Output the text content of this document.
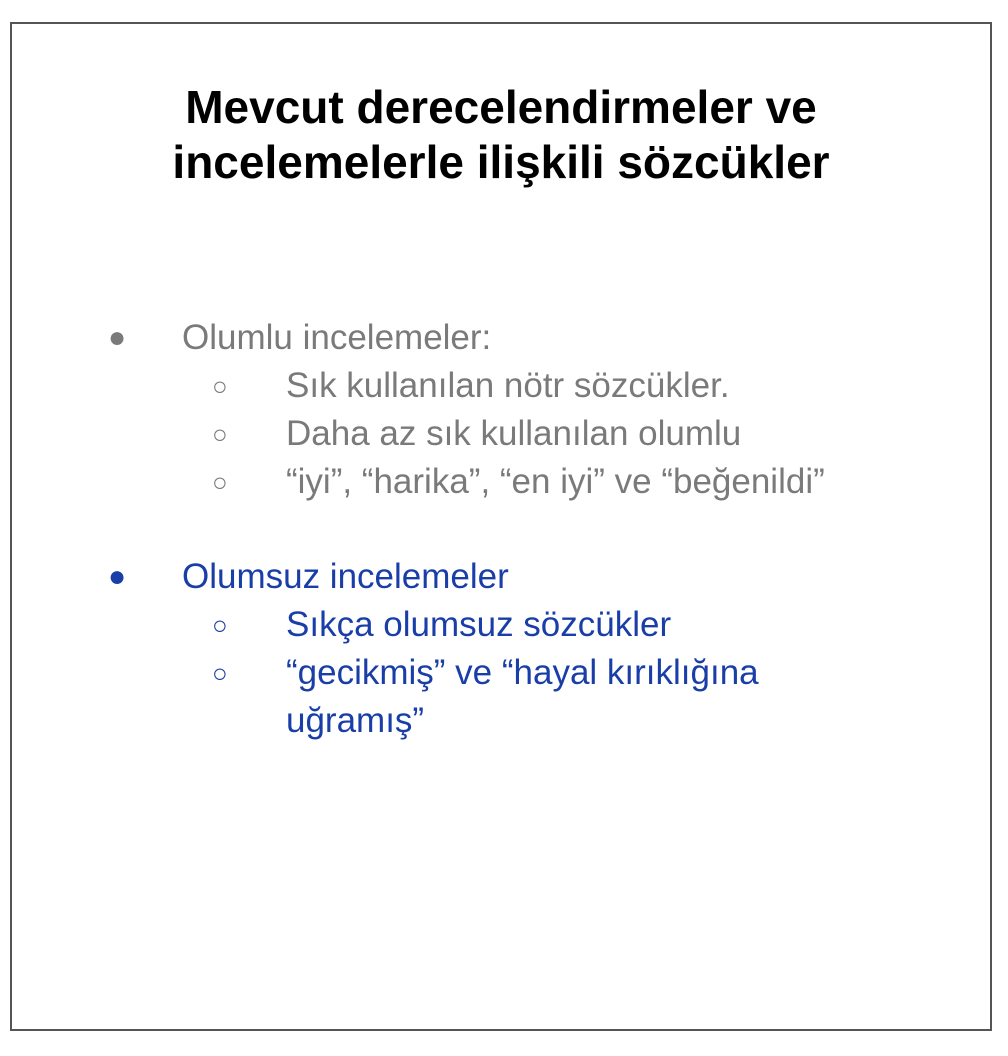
Mevcut derecelendirmeler ve
incelemelerle ilişkili sözcükler
● Olumlu incelemeler:
○ Sık kullanılan nötr sözcükler.
○ Daha az sık kullanılan olumlu
○ “iyi”, “harika”, “en iyi” ve “beğenildi”
● Olumsuz incelemeler
○ Sıkça olumsuz sözcükler
○ “gecikmiş” ve “hayal kırıklığına
uğramış”
